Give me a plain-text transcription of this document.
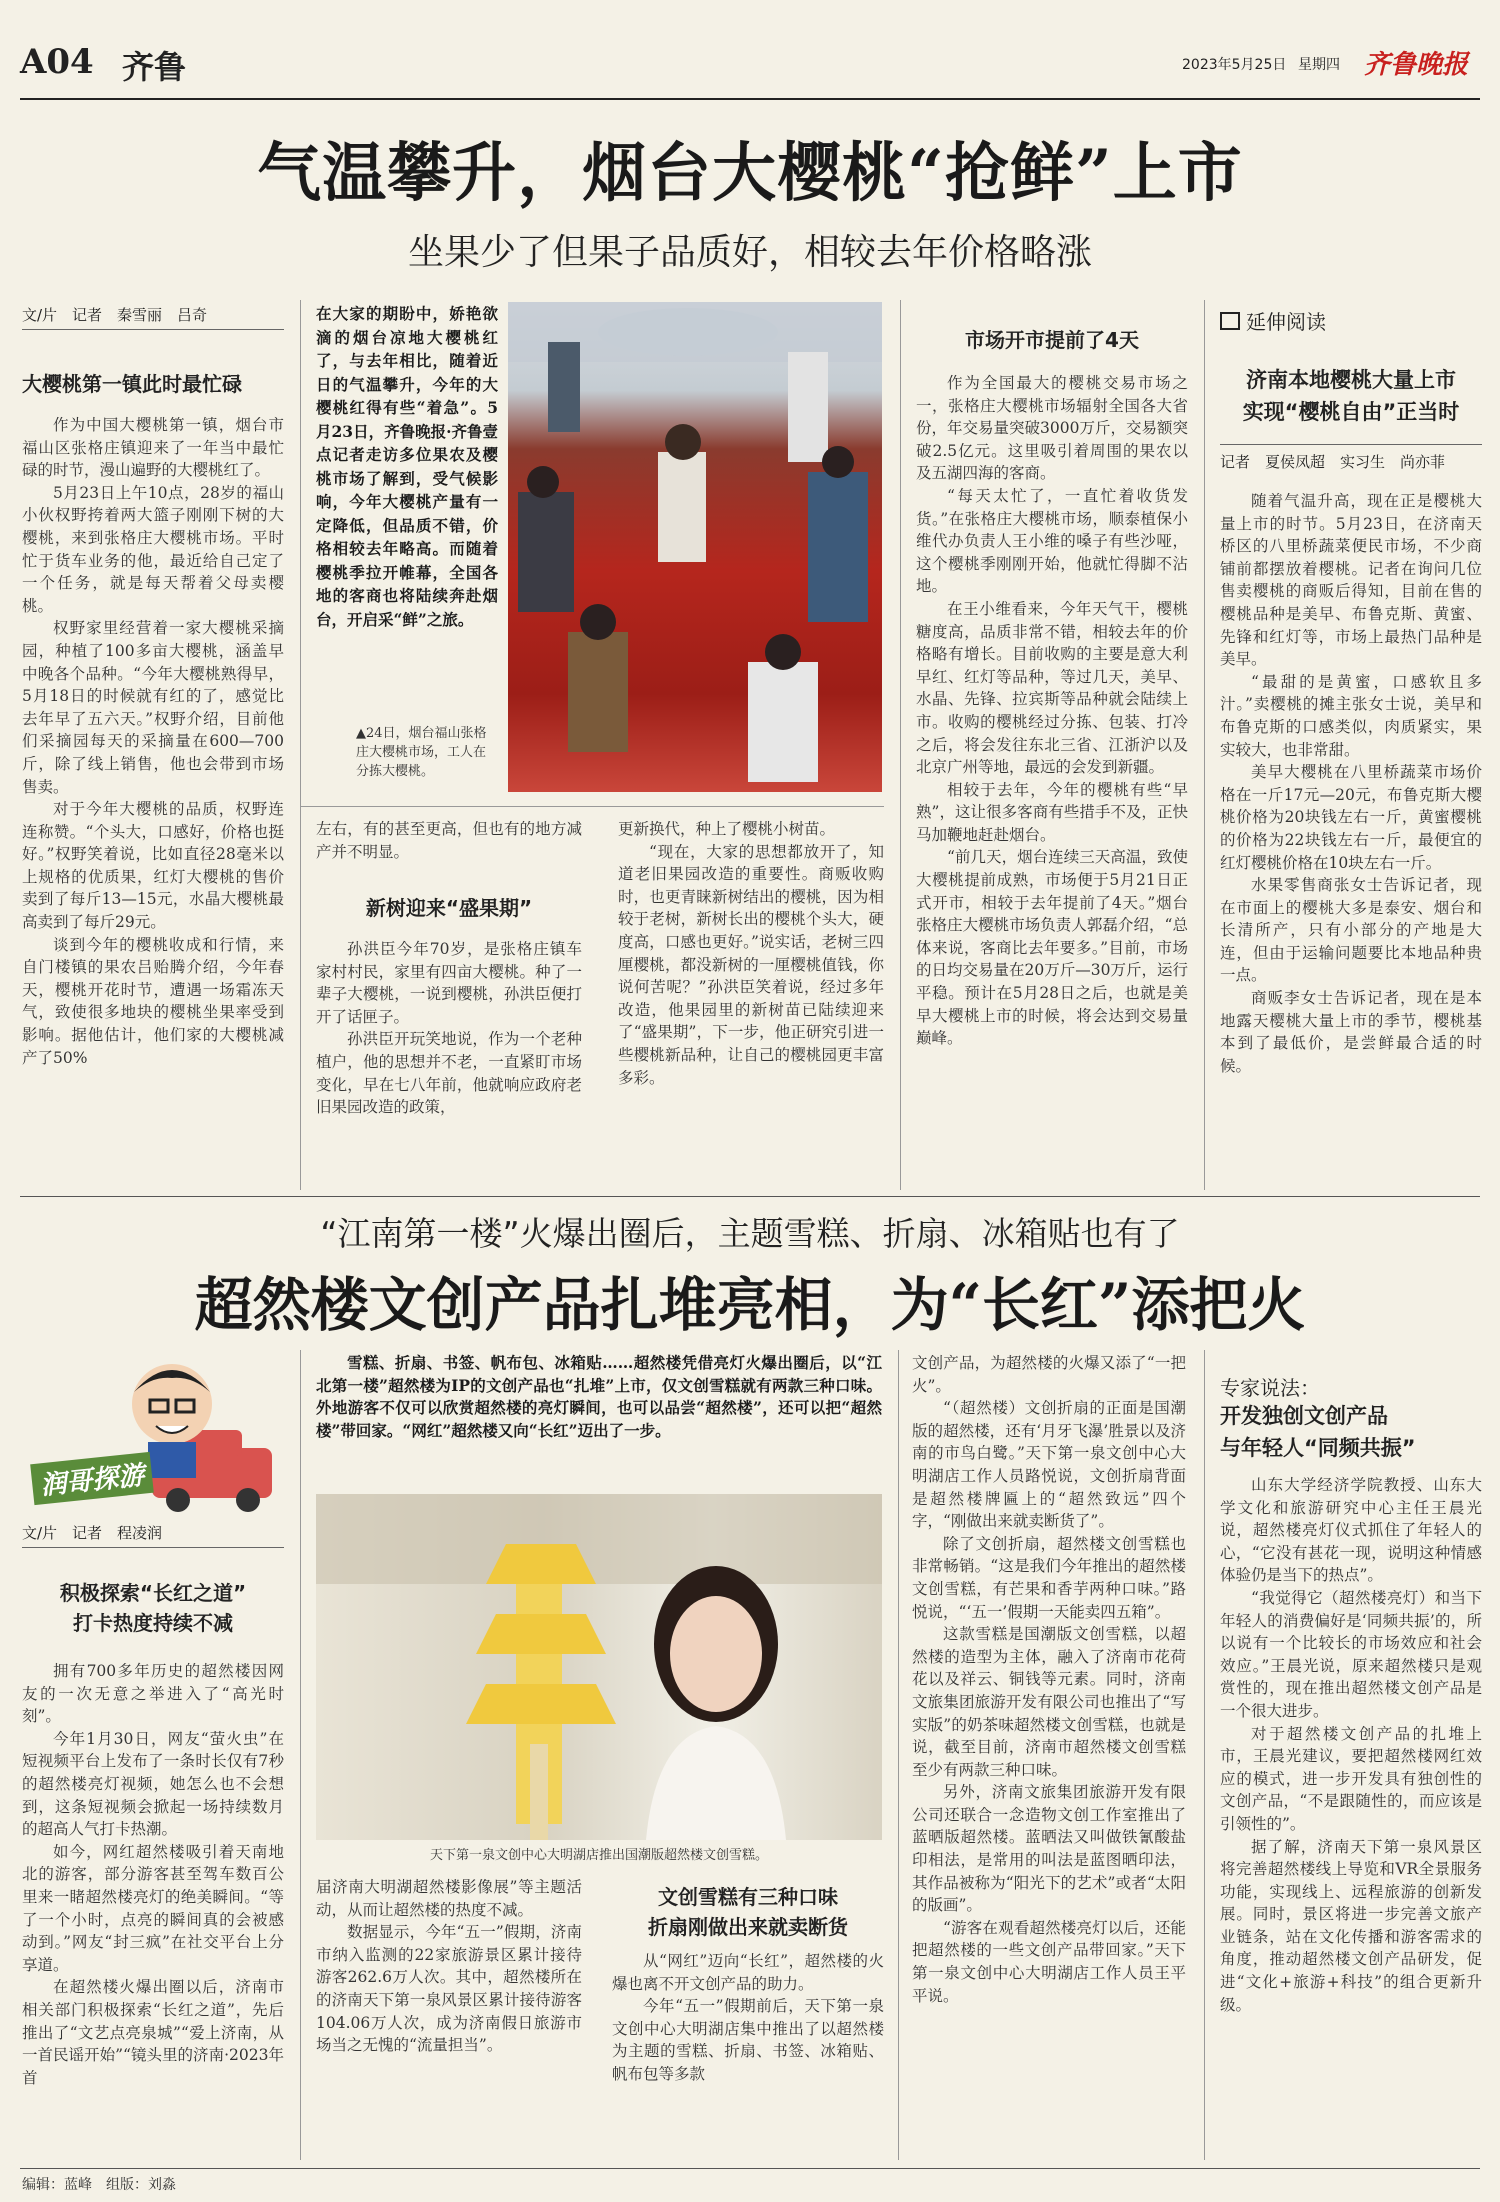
A04 齐鲁	2023年5月25日 星期四 齐鲁晚报
气温攀升，烟台大樱桃“抢鲜”上市
坐果少了但果子品质好，相较去年价格略涨
文/片　记者　秦雪丽　吕奇
大樱桃第一镇此时最忙碌

作为中国大樱桃第一镇，烟台市福山区张格庄镇迎来了一年当中最忙碌的时节，漫山遍野的大樱桃红了。

5月23日上午10点，28岁的福山小伙权野挎着两大篮子刚刚下树的大樱桃，来到张格庄大樱桃市场。平时忙于货车业务的他，最近给自己定了一个任务，就是每天帮着父母卖樱桃。

权野家里经营着一家大樱桃采摘园，种植了100多亩大樱桃，涵盖早中晚各个品种。“今年大樱桃熟得早，5月18日的时候就有红的了，感觉比去年早了五六天。”权野介绍，目前他们采摘园每天的采摘量在600—700斤，除了线上销售，他也会带到市场售卖。

对于今年大樱桃的品质，权野连连称赞。“个头大，口感好，价格也挺好。”权野笑着说，比如直径28毫米以上规格的优质果，红灯大樱桃的售价卖到了每斤13—15元，水晶大樱桃最高卖到了每斤29元。

谈到今年的樱桃收成和行情，来自门楼镇的果农吕贻腾介绍，今年春天，樱桃开花时节，遭遇一场霜冻天气，致使很多地块的樱桃坐果率受到影响。据他估计，他们家的大樱桃减产了50%

在大家的期盼中，娇艳欲滴的烟台凉地大樱桃红了，与去年相比，随着近日的气温攀升，今年的大樱桃红得有些“着急”。5月23日，齐鲁晚报·齐鲁壹点记者走访多位果农及樱桃市场了解到，受气候影响，今年大樱桃产量有一定降低，但品质不错，价格相较去年略高。而随着樱桃季拉开帷幕，全国各地的客商也将陆续奔赴烟台，开启采“鲜”之旅。
▲24日，烟台福山张格庄大樱桃市场，工人在分拣大樱桃。

左右，有的甚至更高，但也有的地方减产并不明显。

新树迎来“盛果期”

孙洪臣今年70岁，是张格庄镇车家村村民，家里有四亩大樱桃。种了一辈子大樱桃，一说到樱桃，孙洪臣便打开了话匣子。

孙洪臣开玩笑地说，作为一个老种植户，他的思想并不老，一直紧盯市场变化，早在七八年前，他就响应政府老旧果园改造的政策，

更新换代，种上了樱桃小树苗。

“现在，大家的思想都放开了，知道老旧果园改造的重要性。商贩收购时，也更青睐新树结出的樱桃，因为相较于老树，新树长出的樱桃个头大，硬度高，口感也更好。”说实话，老树三四厘樱桃，都没新树的一厘樱桃值钱，你说何苦呢？”孙洪臣笑着说，经过多年改造，他果园里的新树苗已陆续迎来了“盛果期”，下一步，他正研究引进一些樱桃新品种，让自己的樱桃园更丰富多彩。

市场开市提前了4天

作为全国最大的樱桃交易市场之一，张格庄大樱桃市场辐射全国各大省份，年交易量突破3000万斤，交易额突破2.5亿元。这里吸引着周围的果农以及五湖四海的客商。

“每天太忙了，一直忙着收货发货。”在张格庄大樱桃市场，顺泰植保小维代办负责人王小维的嗓子有些沙哑，这个樱桃季刚刚开始，他就忙得脚不沾地。

在王小维看来，今年天气干，樱桃糖度高，品质非常不错，相较去年的价格略有增长。目前收购的主要是意大利早红、红灯等品种，等过几天，美早、水晶、先锋、拉宾斯等品种就会陆续上市。收购的樱桃经过分拣、包装、打冷之后，将会发往东北三省、江浙沪以及北京广州等地，最远的会发到新疆。

相较于去年，今年的樱桃有些“早熟”，这让很多客商有些措手不及，正快马加鞭地赶赴烟台。

“前几天，烟台连续三天高温，致使大樱桃提前成熟，市场便于5月21日正式开市，相较于去年提前了4天。”烟台张格庄大樱桃市场负责人郭磊介绍，“总体来说，客商比去年要多。”目前，市场的日均交易量在20万斤—30万斤，运行平稳。预计在5月28日之后，也就是美早大樱桃上市的时候，将会达到交易量巅峰。

延伸阅读
济南本地樱桃大量上市
实现“樱桃自由”正当时
记者　夏侯凤超　实习生　尚亦菲

随着气温升高，现在正是樱桃大量上市的时节。5月23日，在济南天桥区的八里桥蔬菜便民市场，不少商铺前都摆放着樱桃。记者在询问几位售卖樱桃的商贩后得知，目前在售的樱桃品种是美早、布鲁克斯、黄蜜、先锋和红灯等，市场上最热门品种是美早。

“最甜的是黄蜜，口感软且多汁。”卖樱桃的摊主张女士说，美早和布鲁克斯的口感类似，肉质紧实，果实较大，也非常甜。

美早大樱桃在八里桥蔬菜市场价格在一斤17元—20元，布鲁克斯大樱桃价格为20块钱左右一斤，黄蜜樱桃的价格为22块钱左右一斤，最便宜的红灯樱桃价格在10块左右一斤。

水果零售商张女士告诉记者，现在市面上的樱桃大多是泰安、烟台和长清所产，只有小部分的产地是大连，但由于运输问题要比本地品种贵一点。

商贩李女士告诉记者，现在是本地露天樱桃大量上市的季节，樱桃基本到了最低价，是尝鲜最合适的时候。

“江南第一楼”火爆出圈后，主题雪糕、折扇、冰箱贴也有了
超然楼文创产品扎堆亮相，为“长红”添把火
润哥探游
文/片　记者　程凌润
积极探索“长红之道”
打卡热度持续不减

拥有700多年历史的超然楼因网友的一次无意之举进入了“高光时刻”。

今年1月30日，网友“萤火虫”在短视频平台上发布了一条时长仅有7秒的超然楼亮灯视频，她怎么也不会想到，这条短视频会掀起一场持续数月的超高人气打卡热潮。

如今，网红超然楼吸引着天南地北的游客，部分游客甚至驾车数百公里来一睹超然楼亮灯的绝美瞬间。“等了一个小时，点亮的瞬间真的会被感动到。”网友“封三疯”在社交平台上分享道。

在超然楼火爆出圈以后，济南市相关部门积极探索“长红之道”，先后推出了“文艺点亮泉城”“爱上济南，从一首民谣开始”“镜头里的济南·2023年首

雪糕、折扇、书签、帆布包、冰箱贴……超然楼凭借亮灯火爆出圈后，以“江北第一楼”超然楼为IP的文创产品也“扎堆”上市，仅文创雪糕就有两款三种口味。外地游客不仅可以欣赏超然楼的亮灯瞬间，也可以品尝“超然楼”，还可以把“超然楼”带回家。“网红”超然楼又向“长红”迈出了一步。
天下第一泉文创中心大明湖店推出国潮版超然楼文创雪糕。

届济南大明湖超然楼影像展”等主题活动，从而让超然楼的热度不减。

数据显示，今年“五一”假期，济南市纳入监测的22家旅游景区累计接待游客262.6万人次。其中，超然楼所在的济南天下第一泉风景区累计接待游客104.06万人次，成为济南假日旅游市场当之无愧的“流量担当”。

文创雪糕有三种口味
折扇刚做出来就卖断货

从“网红”迈向“长红”，超然楼的火爆也离不开文创产品的助力。

今年“五一”假期前后，天下第一泉文创中心大明湖店集中推出了以超然楼为主题的雪糕、折扇、书签、冰箱贴、帆布包等多款

文创产品，为超然楼的火爆又添了“一把火”。

“（超然楼）文创折扇的正面是国潮版的超然楼，还有‘月牙飞瀑’胜景以及济南的市鸟白鹭。”天下第一泉文创中心大明湖店工作人员路悦说，文创折扇背面是超然楼牌匾上的“超然致远”四个字，“刚做出来就卖断货了”。

除了文创折扇，超然楼文创雪糕也非常畅销。“这是我们今年推出的超然楼文创雪糕，有芒果和香芋两种口味。”路悦说，“‘五一’假期一天能卖四五箱”。

这款雪糕是国潮版文创雪糕，以超然楼的造型为主体，融入了济南市花荷花以及祥云、铜钱等元素。同时，济南文旅集团旅游开发有限公司也推出了“写实版”的奶茶味超然楼文创雪糕，也就是说，截至目前，济南市超然楼文创雪糕至少有两款三种口味。

另外，济南文旅集团旅游开发有限公司还联合一念造物文创工作室推出了蓝晒版超然楼。蓝晒法又叫做铁氰酸盐印相法，是常用的叫法是蓝图晒印法，其作品被称为“阳光下的艺术”或者“太阳的版画”。

“游客在观看超然楼亮灯以后，还能把超然楼的一些文创产品带回家。”天下第一泉文创中心大明湖店工作人员王平平说。

专家说法：
开发独创文创产品
与年轻人“同频共振”

山东大学经济学院教授、山东大学文化和旅游研究中心主任王晨光说，超然楼亮灯仪式抓住了年轻人的心，“它没有甚花一现，说明这种情感体验仍是当下的热点”。

“我觉得它（超然楼亮灯）和当下年轻人的消费偏好是‘同频共振’的，所以说有一个比较长的市场效应和社会效应。”王晨光说，原来超然楼只是观赏性的，现在推出超然楼文创产品是一个很大进步。

对于超然楼文创产品的扎堆上市，王晨光建议，要把超然楼网红效应的模式，进一步开发具有独创性的文创产品，“不是跟随性的，而应该是引领性的”。

据了解，济南天下第一泉风景区将完善超然楼线上导览和VR全景服务功能，实现线上、远程旅游的创新发展。同时，景区将进一步完善文旅产业链条，站在文化传播和游客需求的角度，推动超然楼文创产品研发，促进“文化+旅游+科技”的组合更新升级。

编辑：蓝峰　组版：刘淼
